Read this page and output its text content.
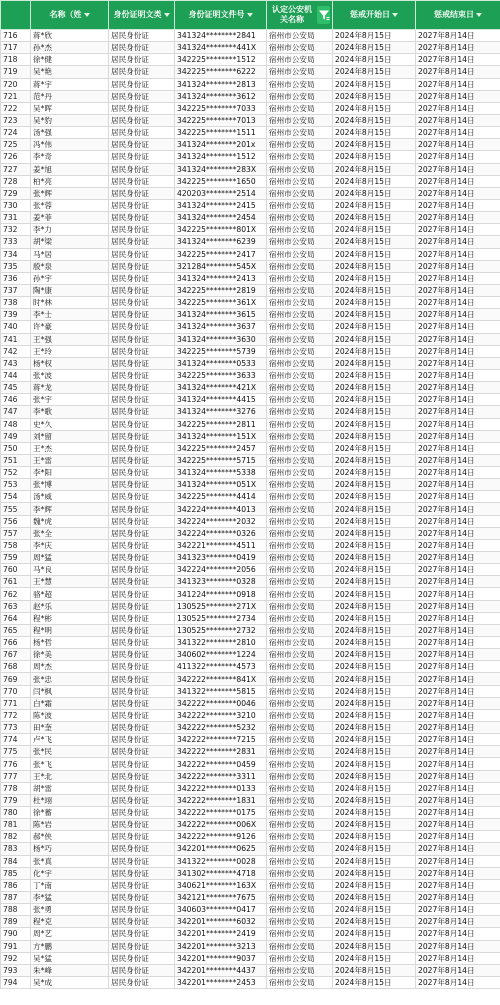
	名称（姓	身份证明文类	身份证明文件号	认定公安机关名称	惩戒开始日	惩戒结束日

716	蒋*欣	居民身份证	341324********2841	宿州市公安局	2024年8月15日	2027年8月14日
717	孙*杰	居民身份证	341324********441X	宿州市公安局	2024年8月15日	2027年8月14日
718	徐*健	居民身份证	342225********1512	宿州市公安局	2024年8月15日	2027年8月14日
719	吴*艳	居民身份证	342225********6222	宿州市公安局	2024年8月15日	2027年8月14日
720	蒋*宇	居民身份证	341324********2813	宿州市公安局	2024年8月15日	2027年8月14日
721	范*丹	居民身份证	341324********3612	宿州市公安局	2024年8月15日	2027年8月14日
722	吴*晖	居民身份证	342225********7033	宿州市公安局	2024年8月15日	2027年8月14日
723	吴*豹	居民身份证	342225********7013	宿州市公安局	2024年8月15日	2027年8月14日
724	汤*强	居民身份证	342225********1511	宿州市公安局	2024年8月15日	2027年8月14日
725	冯*伟	居民身份证	341324********201x	宿州市公安局	2024年8月15日	2027年8月14日
726	李*奇	居民身份证	341324********1512	宿州市公安局	2024年8月15日	2027年8月14日
727	姜*旭	居民身份证	341324********283X	宿州市公安局	2024年8月15日	2027年8月14日
728	柏*亮	居民身份证	342225********1650	宿州市公安局	2024年8月15日	2027年8月14日
729	张*辉	居民身份证	420203********2514	宿州市公安局	2024年8月15日	2027年8月14日
730	张*蓉	居民身份证	341324********2415	宿州市公安局	2024年8月15日	2027年8月14日
731	姜*菲	居民身份证	341324********2454	宿州市公安局	2024年8月15日	2027年8月14日
732	李*力	居民身份证	342225********801X	宿州市公安局	2024年8月15日	2027年8月14日
733	胡*梁	居民身份证	341324********6239	宿州市公安局	2024年8月15日	2027年8月14日
734	马*居	居民身份证	342225********2417	宿州市公安局	2024年8月15日	2027年8月14日
735	殷*泉	居民身份证	321284********545X	宿州市公安局	2024年8月15日	2027年8月14日
736	孙*宇	居民身份证	341324********2413	宿州市公安局	2024年8月15日	2027年8月14日
737	陶*康	居民身份证	342225********2819	宿州市公安局	2024年8月15日	2027年8月14日
738	时*林	居民身份证	342225********361X	宿州市公安局	2024年8月15日	2027年8月14日
739	李*士	居民身份证	341324********3615	宿州市公安局	2024年8月15日	2027年8月14日
740	许*豪	居民身份证	341324********3637	宿州市公安局	2024年8月15日	2027年8月14日
741	王*强	居民身份证	341324********3630	宿州市公安局	2024年8月15日	2027年8月14日
742	王*玲	居民身份证	342225********5739	宿州市公安局	2024年8月15日	2027年8月14日
743	杨*权	居民身份证	341324********0533	宿州市公安局	2024年8月15日	2027年8月14日
744	张*波	居民身份证	342225********3633	宿州市公安局	2024年8月15日	2027年8月14日
745	蒋*龙	居民身份证	341324********421X	宿州市公安局	2024年8月15日	2027年8月14日
746	张*宇	居民身份证	341324********4415	宿州市公安局	2024年8月15日	2027年8月14日
747	李*歌	居民身份证	341324********3276	宿州市公安局	2024年8月15日	2027年8月14日
748	史*久	居民身份证	342225********2811	宿州市公安局	2024年8月15日	2027年8月14日
749	刘*留	居民身份证	341324********151X	宿州市公安局	2024年8月15日	2027年8月14日
750	王*杰	居民身份证	342225********2457	宿州市公安局	2024年8月15日	2027年8月14日
751	王*雷	居民身份证	342225********5715	宿州市公安局	2024年8月15日	2027年8月14日
752	李*阳	居民身份证	341324********5338	宿州市公安局	2024年8月15日	2027年8月14日
753	张*博	居民身份证	341324********051X	宿州市公安局	2024年8月15日	2027年8月14日
754	汤*威	居民身份证	342225********4414	宿州市公安局	2024年8月15日	2027年8月14日
755	李*辉	居民身份证	342224********4013	宿州市公安局	2024年8月15日	2027年8月14日
756	魏*虎	居民身份证	342224********2032	宿州市公安局	2024年8月15日	2027年8月14日
757	张*全	居民身份证	342224********0326	宿州市公安局	2024年8月15日	2027年8月14日
758	李*庆	居民身份证	342221********4511	宿州市公安局	2024年8月15日	2027年8月14日
759	周*猛	居民身份证	341323********0419	宿州市公安局	2024年8月15日	2027年8月14日
760	马*良	居民身份证	342224********2056	宿州市公安局	2024年8月15日	2027年8月14日
761	王*慧	居民身份证	341323********0328	宿州市公安局	2024年8月15日	2027年8月14日
762	骆*超	居民身份证	341224********0918	宿州市公安局	2024年8月15日	2027年8月14日
763	赵*乐	居民身份证	130525********271X	宿州市公安局	2024年8月15日	2027年8月14日
764	程*彬	居民身份证	130525********2734	宿州市公安局	2024年8月15日	2027年8月14日
765	程*明	居民身份证	130525********2732	宿州市公安局	2024年8月15日	2027年8月14日
766	杨*哲	居民身份证	341322********2810	宿州市公安局	2024年8月15日	2027年8月14日
767	徐*美	居民身份证	340602********1224	宿州市公安局	2024年8月15日	2027年8月14日
768	周*杰	居民身份证	411322********4573	宿州市公安局	2024年8月15日	2027年8月14日
769	张*忠	居民身份证	342222********841X	宿州市公安局	2024年8月15日	2027年8月14日
770	闫*枫	居民身份证	341322********5815	宿州市公安局	2024年8月15日	2027年8月14日
771	白*霜	居民身份证	342222********0046	宿州市公安局	2024年8月15日	2027年8月14日
772	陈*波	居民身份证	342222********3210	宿州市公安局	2024年8月15日	2027年8月14日
773	田*奎	居民身份证	342222********5232	宿州市公安局	2024年8月15日	2027年8月14日
774	卢*飞	居民身份证	342222********7215	宿州市公安局	2024年8月15日	2027年8月14日
775	张*民	居民身份证	342222********2831	宿州市公安局	2024年8月15日	2027年8月14日
776	张*飞	居民身份证	342222********0459	宿州市公安局	2024年8月15日	2027年8月14日
777	王*北	居民身份证	342222********3311	宿州市公安局	2024年8月15日	2027年8月14日
778	胡*雷	居民身份证	342222********0133	宿州市公安局	2024年8月15日	2027年8月14日
779	杜*翊	居民身份证	342222********1831	宿州市公安局	2024年8月15日	2027年8月14日
780	徐*蓄	居民身份证	342222********0175	宿州市公安局	2024年8月15日	2027年8月14日
781	陈*岩	居民身份证	342222********006X	宿州市公安局	2024年8月15日	2027年8月14日
782	郝*侠	居民身份证	342222********9126	宿州市公安局	2024年8月15日	2027年8月14日
783	杨*巧	居民身份证	342201********0625	宿州市公安局	2024年8月15日	2027年8月14日
784	张*真	居民身份证	341322********0028	宿州市公安局	2024年8月15日	2027年8月14日
785	化*宇	居民身份证	341302********4718	宿州市公安局	2024年8月15日	2027年8月14日
786	丁*南	居民身份证	340621********163X	宿州市公安局	2024年8月15日	2027年8月14日
787	李*猛	居民身份证	342121********7675	宿州市公安局	2024年8月15日	2027年8月14日
788	张*勇	居民身份证	340603********0417	宿州市公安局	2024年8月15日	2027年8月14日
789	程*克	居民身份证	342201********6032	宿州市公安局	2024年8月15日	2027年8月14日
790	周*艺	居民身份证	342201********2419	宿州市公安局	2024年8月15日	2027年8月14日
791	方*鹏	居民身份证	342201********3213	宿州市公安局	2024年8月15日	2027年8月14日
792	吴*猛	居民身份证	342201********9037	宿州市公安局	2024年8月15日	2027年8月14日
793	朱*峰	居民身份证	342201********4437	宿州市公安局	2024年8月15日	2027年8月14日
794	吴*成	居民身份证	342201********2453	宿州市公安局	2024年8月15日	2027年8月14日
